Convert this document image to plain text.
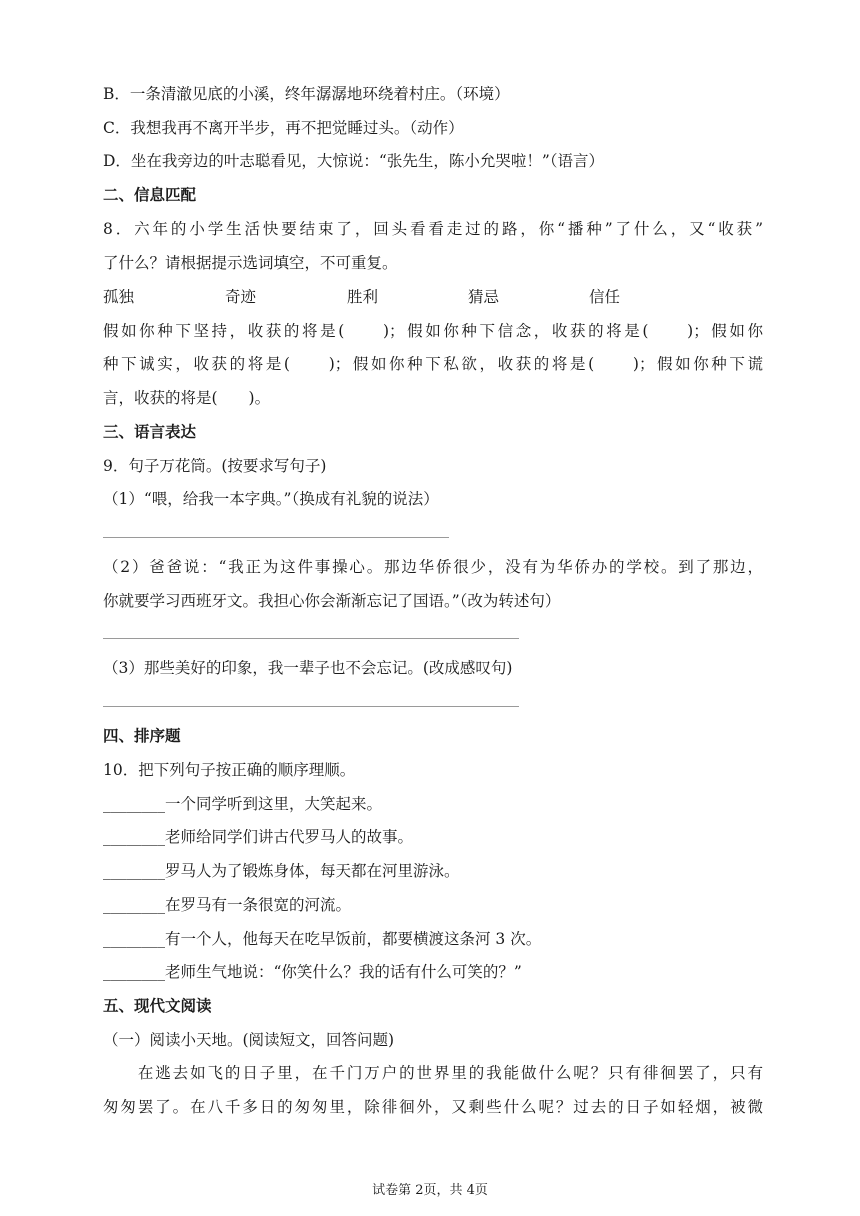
B．一条清澈见底的小溪，终年潺潺地环绕着村庄。（环境）
C．我想我再不离开半步，再不把觉睡过头。（动作）
D．坐在我旁边的叶志聪看见，大惊说：“张先生，陈小允哭啦！”（语言）
二、信息匹配
8．六年的小学生活快要结束了，回头看看走过的路，你“播种”了什么，又“收获”
了什么？请根据提示选词填空，不可重复。
孤独	奇迹	胜利	猜忌	信任
假如你种下坚持，收获的将是(　　)；假如你种下信念，收获的将是(　　)；假如你
种下诚实，收获的将是(　　)；假如你种下私欲，收获的将是(　　)；假如你种下谎
言，收获的将是(　　)。
三、语言表达
9．句子万花筒。(按要求写句子)
（1）“喂，给我一本字典。”（换成有礼貌的说法）
（2）爸爸说：“我正为这件事操心。那边华侨很少，没有为华侨办的学校。到了那边，
你就要学习西班牙文。我担心你会渐渐忘记了国语。”（改为转述句）
（3）那些美好的印象，我一辈子也不会忘记。(改成感叹句)
四、排序题
10．把下列句子按正确的顺序理顺。
________一个同学听到这里，大笑起来。
________老师给同学们讲古代罗马人的故事。
________罗马人为了锻炼身体，每天都在河里游泳。
________在罗马有一条很宽的河流。
________有一个人，他每天在吃早饭前，都要横渡这条河 3 次。
________老师生气地说：“你笑什么？我的话有什么可笑的？”
五、现代文阅读
（一）阅读小天地。(阅读短文，回答问题)
　　在逃去如飞的日子里，在千门万户的世界里的我能做什么呢？只有徘徊罢了，只有
匆匆罢了。在八千多日的匆匆里，除徘徊外，又剩些什么呢？过去的日子如轻烟，被微
试卷第 2页，共 4页
